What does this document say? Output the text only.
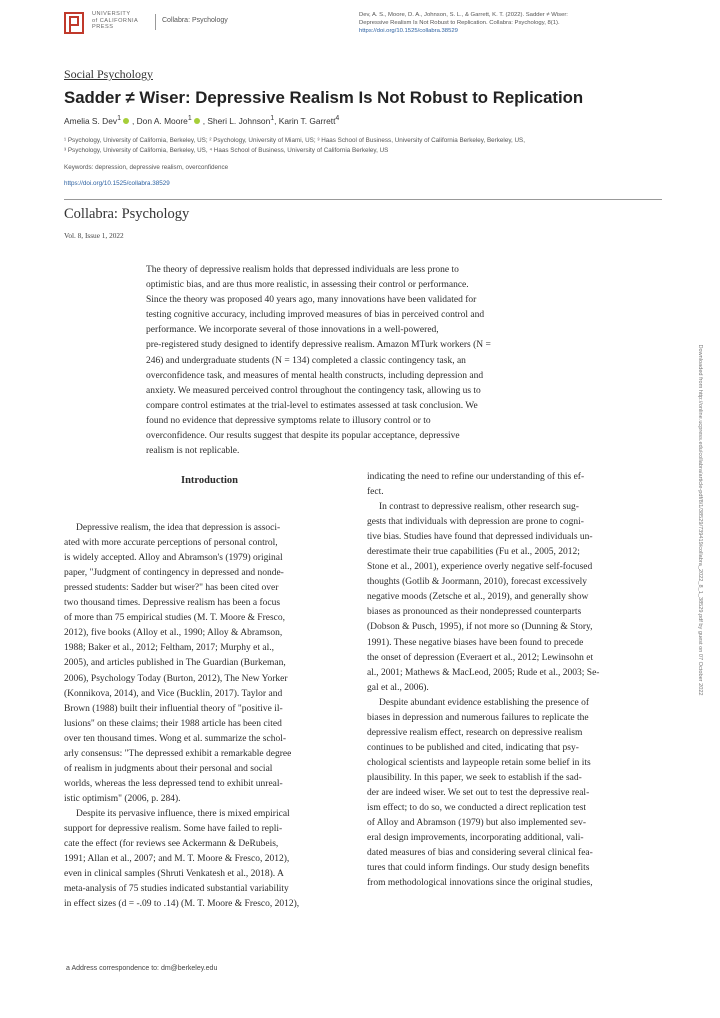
UNIVERSITY
of CALIFORNIA
PRESS
Collabra: Psychology
Dev, A. S., Moore, D. A., Johnson, S. L., & Garrett, K. T. (2022). Sadder ≠ Wiser:
Depressive Realism Is Not Robust to Replication. Collabra: Psychology, 8(1).
https://doi.org/10.1525/collabra.38529
Social Psychology
Sadder ≠ Wiser: Depressive Realism Is Not Robust to Replication
Amelia S. Dev$^1$ , Don A. Moore$^1$ , Sheri L. Johnson$^1$, Karin T. Garrett$^4$
¹ Psychology, University of California, Berkeley, US; ² Psychology, University of Miami, US; ³ Haas School of Business, University of California Berkeley, Berkeley, US,
³ Psychology, University of California, Berkeley, US, ⁴ Haas School of Business, University of California Berkeley, US
Keywords: depression, depressive realism, overconfidence
https://doi.org/10.1525/collabra.38529
Collabra: Psychology
Vol. 8, Issue 1, 2022
The theory of depressive realism holds that depressed individuals are less prone to
optimistic bias, and are thus more realistic, in assessing their control or performance.
Since the theory was proposed 40 years ago, many innovations have been validated for
testing cognitive accuracy, including improved measures of bias in perceived control and
performance. We incorporate several of those innovations in a well-powered,
pre-registered study designed to identify depressive realism. Amazon MTurk workers (N =
246) and undergraduate students (N = 134) completed a classic contingency task, an
overconfidence task, and measures of mental health constructs, including depression and
anxiety. We measured perceived control throughout the contingency task, allowing us to
compare control estimates at the trial-level to estimates assessed at task conclusion. We
found no evidence that depressive symptoms relate to illusory control or to
overconfidence. Our results suggest that despite its popular acceptance, depressive
realism is not replicable.
Introduction
Depressive realism, the idea that depression is associ-
ated with more accurate perceptions of personal control,
is widely accepted. Alloy and Abramson's (1979) original
paper, "Judgment of contingency in depressed and nonde-
pressed students: Sadder but wiser?" has been cited over
two thousand times. Depressive realism has been a focus
of more than 75 empirical studies (M. T. Moore & Fresco,
2012), five books (Alloy et al., 1990; Alloy & Abramson,
1988; Baker et al., 2012; Feltham, 2017; Murphy et al.,
2005), and articles published in The Guardian (Burkeman,
2006), Psychology Today (Burton, 2012), The New Yorker
(Konnikova, 2014), and Vice (Bucklin, 2017). Taylor and
Brown (1988) built their influential theory of "positive il-
lusions" on these claims; their 1988 article has been cited
over ten thousand times. Wong et al. summarize the schol-
arly consensus: "The depressed exhibit a remarkable degree
of realism in judgments about their personal and social
worlds, whereas the less depressed tend to exhibit unreal-
istic optimism" (2006, p. 284).
Despite its pervasive influence, there is mixed empirical
support for depressive realism. Some have failed to repli-
cate the effect (for reviews see Ackermann & DeRubeis,
1991; Allan et al., 2007; and M. T. Moore & Fresco, 2012),
even in clinical samples (Shruti Venkatesh et al., 2018). A
meta-analysis of 75 studies indicated substantial variability
in effect sizes (d = -.09 to .14) (M. T. Moore & Fresco, 2012),
indicating the need to refine our understanding of this ef-
fect.
In contrast to depressive realism, other research sug-
gests that individuals with depression are prone to cogni-
tive bias. Studies have found that depressed individuals un-
derestimate their true capabilities (Fu et al., 2005, 2012;
Stone et al., 2001), experience overly negative self-focused
thoughts (Gotlib & Joormann, 2010), forecast excessively
negative moods (Zetsche et al., 2019), and generally show
biases as pronounced as their nondepressed counterparts
(Dobson & Pusch, 1995), if not more so (Dunning & Story,
1991). These negative biases have been found to precede
the onset of depression (Everaert et al., 2012; Lewinsohn et
al., 2001; Mathews & MacLeod, 2005; Rude et al., 2003; Se-
gal et al., 2006).
Despite abundant evidence establishing the presence of
biases in depression and numerous failures to replicate the
depressive realism effect, research on depressive realism
continues to be published and cited, indicating that psy-
chological scientists and laypeople retain some belief in its
plausibility. In this paper, we seek to establish if the sad-
der are indeed wiser. We set out to test the depressive real-
ism effect; to do so, we conducted a direct replication test
of Alloy and Abramson (1979) but also implemented sev-
eral design improvements, incorporating additional, vali-
dated measures of bias and considering several clinical fea-
tures that could inform findings. Our study design benefits
from methodological innovations since the original studies,
a Address correspondence to: dm@berkeley.edu
Downloaded from http://online.ucpress.edu/collabra/article-pdf/8/1/38529/739419/collabra_2022_8_1_38529.pdf by guest on 07 October 2022
